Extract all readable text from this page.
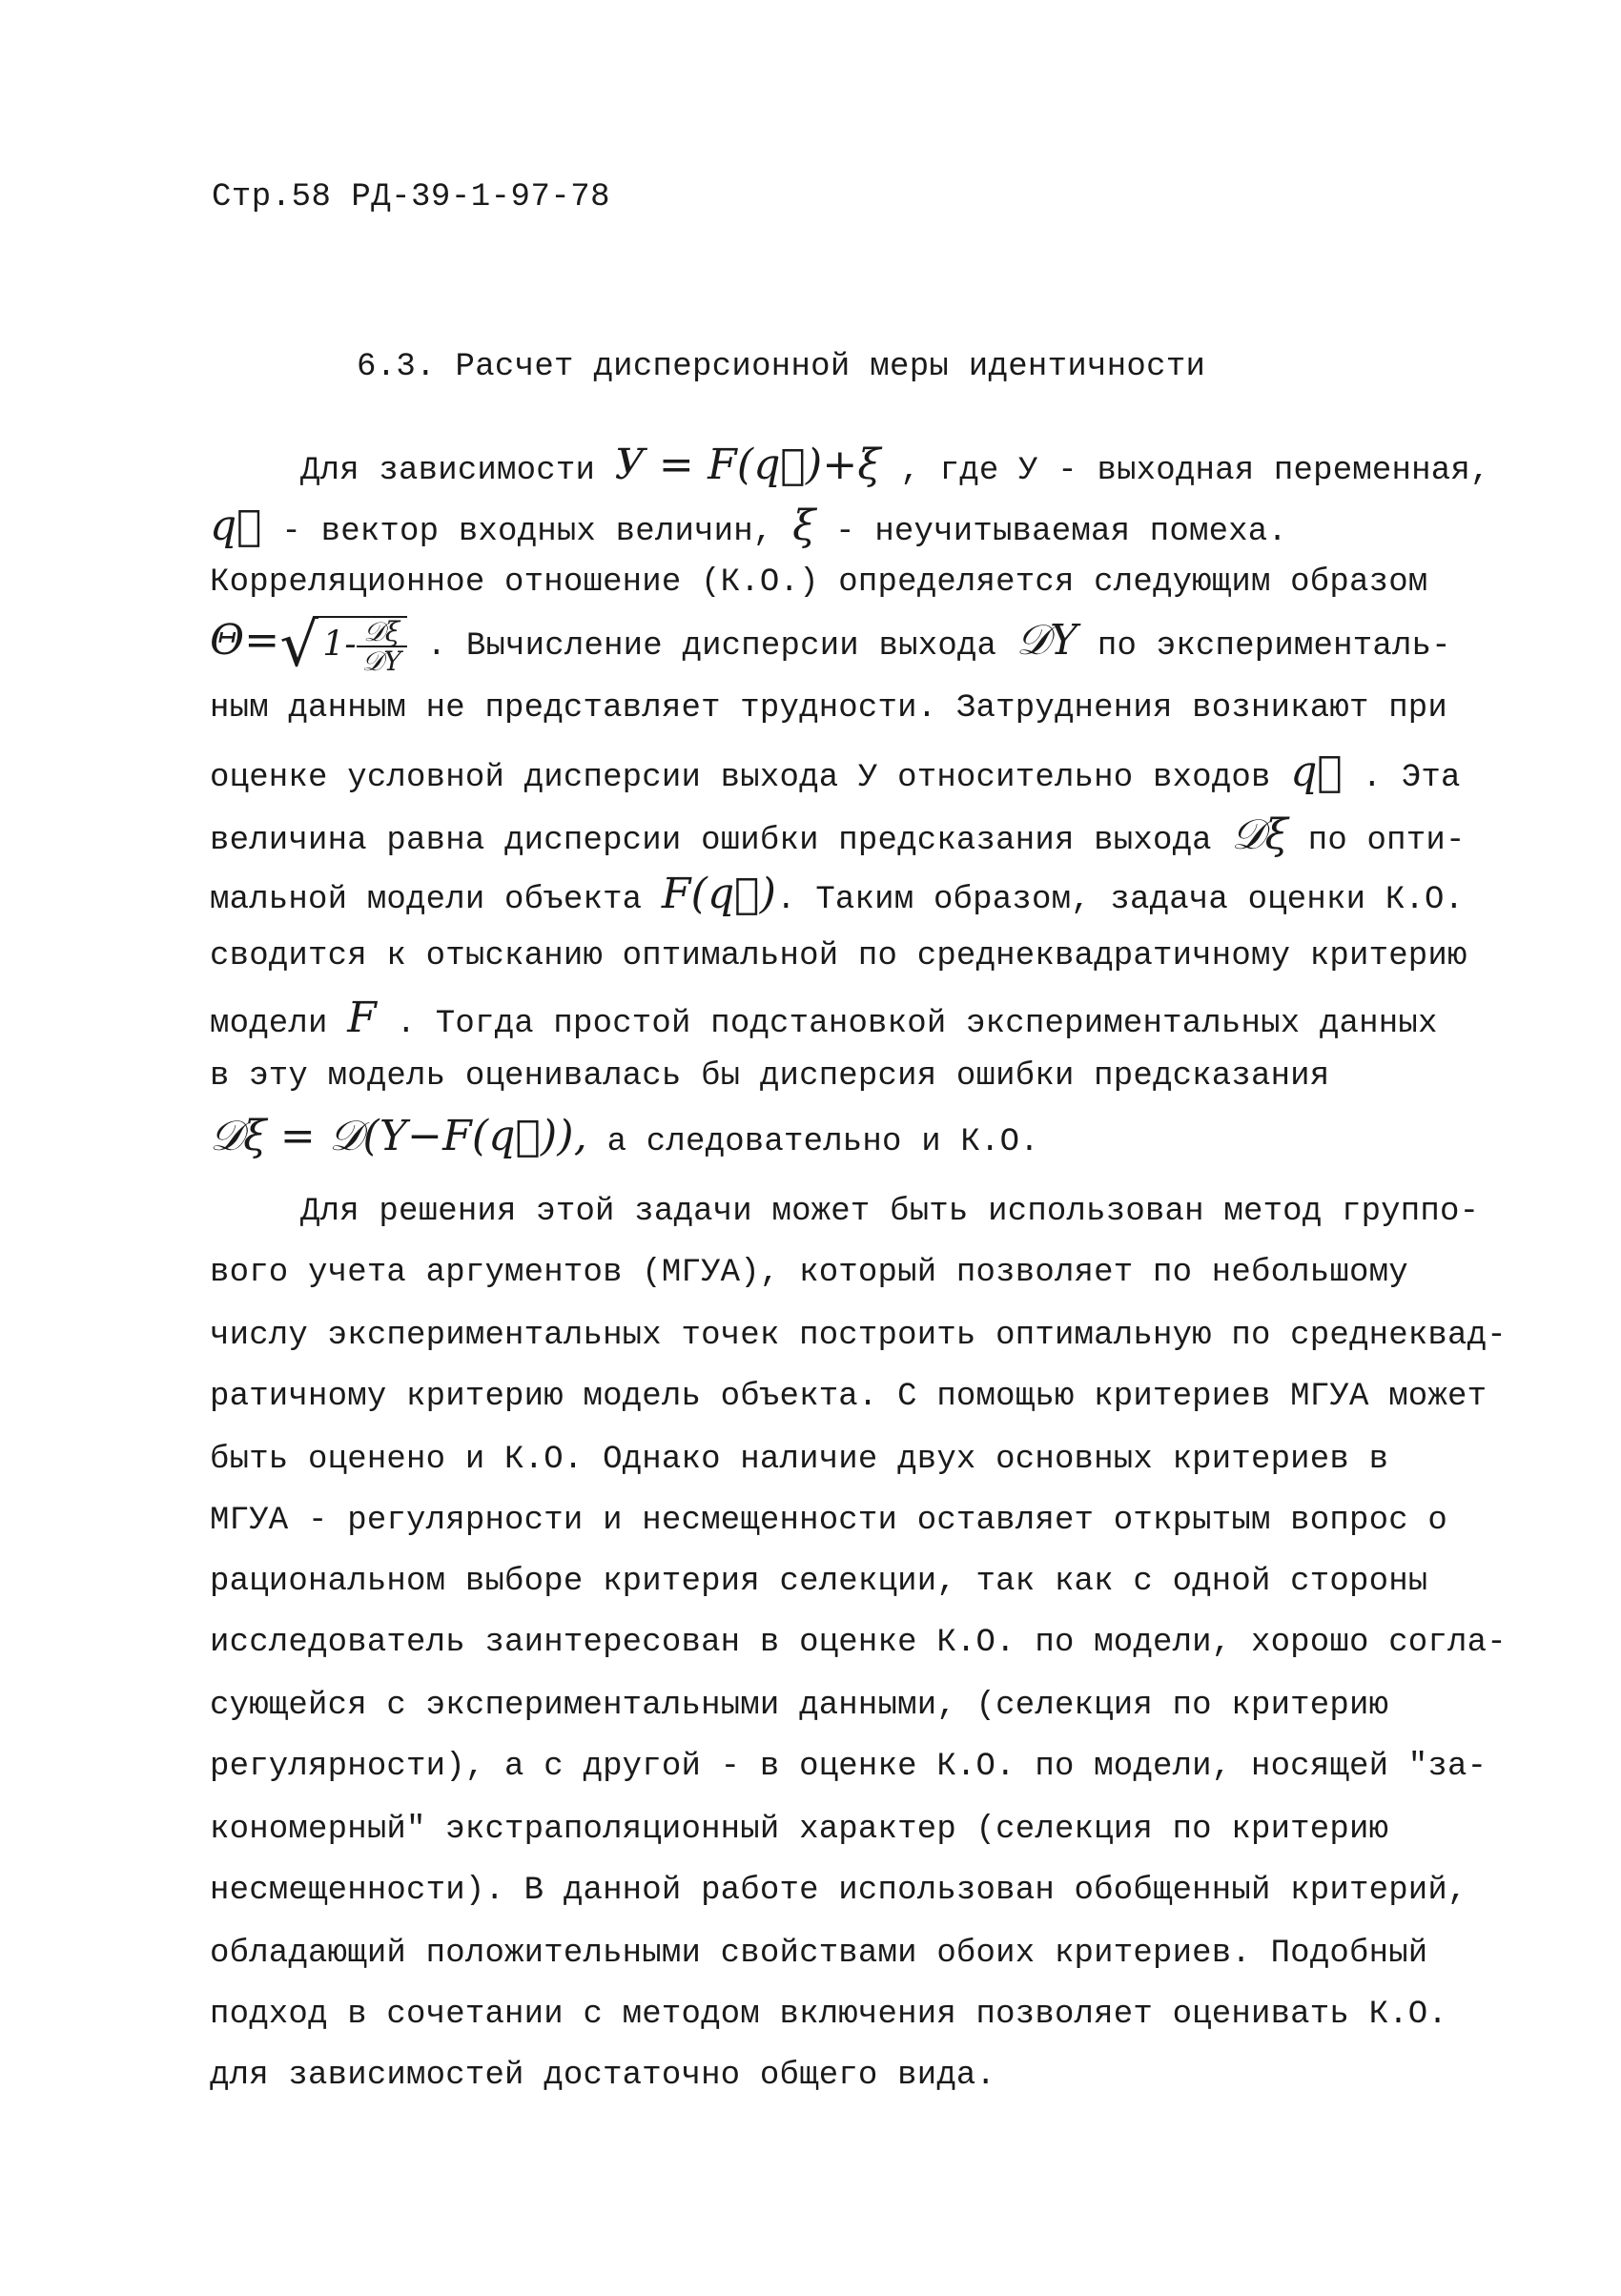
Стр.58 РД-39-1-97-78
6.3. Расчет дисперсионной меры идентичности
Для зависимости У = F(q⃗)+ξ , где У - выходная переменная,
q⃗ - вектор входных величин, ξ - неучитываемая помеха.
Корреляционное отношение (К.О.) определяется следующим образом
Θ=√ $1- \frac{\text{𝒟ξ}}{\text{𝒟Y}}$ . Вычисление дисперсии выхода 𝒟Y по эксперименталь-
ным данным не представляет трудности. Затруднения возникают при
оценке условной дисперсии выхода У относительно входов q⃗ . Эта
величина равна дисперсии ошибки предсказания выхода 𝒟ξ по опти-
мальной модели объекта F(q⃗). Таким образом, задача оценки К.О.
сводится к отысканию оптимальной по среднеквадратичному критерию
модели F . Тогда простой подстановкой экспериментальных данных
в эту модель оценивалась бы дисперсия ошибки предсказания
𝒟ξ = 𝒟(Y−F(q⃗)), а следовательно и К.О.
Для решения этой задачи может быть использован метод группо-
вого учета аргументов (МГУА), который позволяет по небольшому
числу экспериментальных точек построить оптимальную по среднеквад-
ратичному критерию модель объекта. С помощью критериев МГУА может
быть оценено и К.О. Однако наличие двух основных критериев в
МГУА - регулярности и несмещенности оставляет открытым вопрос о
рациональном выборе критерия селекции, так как с одной стороны
исследователь заинтересован в оценке К.О. по модели, хорошо согла-
сующейся с экспериментальными данными, (селекция по критерию
регулярности), а с другой - в оценке К.О. по модели, носящей "за-
кономерный" экстраполяционный характер (селекция по критерию
несмещенности). В данной работе использован обобщенный критерий,
обладающий положительными свойствами обоих критериев. Подобный
подход в сочетании с методом включения позволяет оценивать К.О.
для зависимостей достаточно общего вида.
